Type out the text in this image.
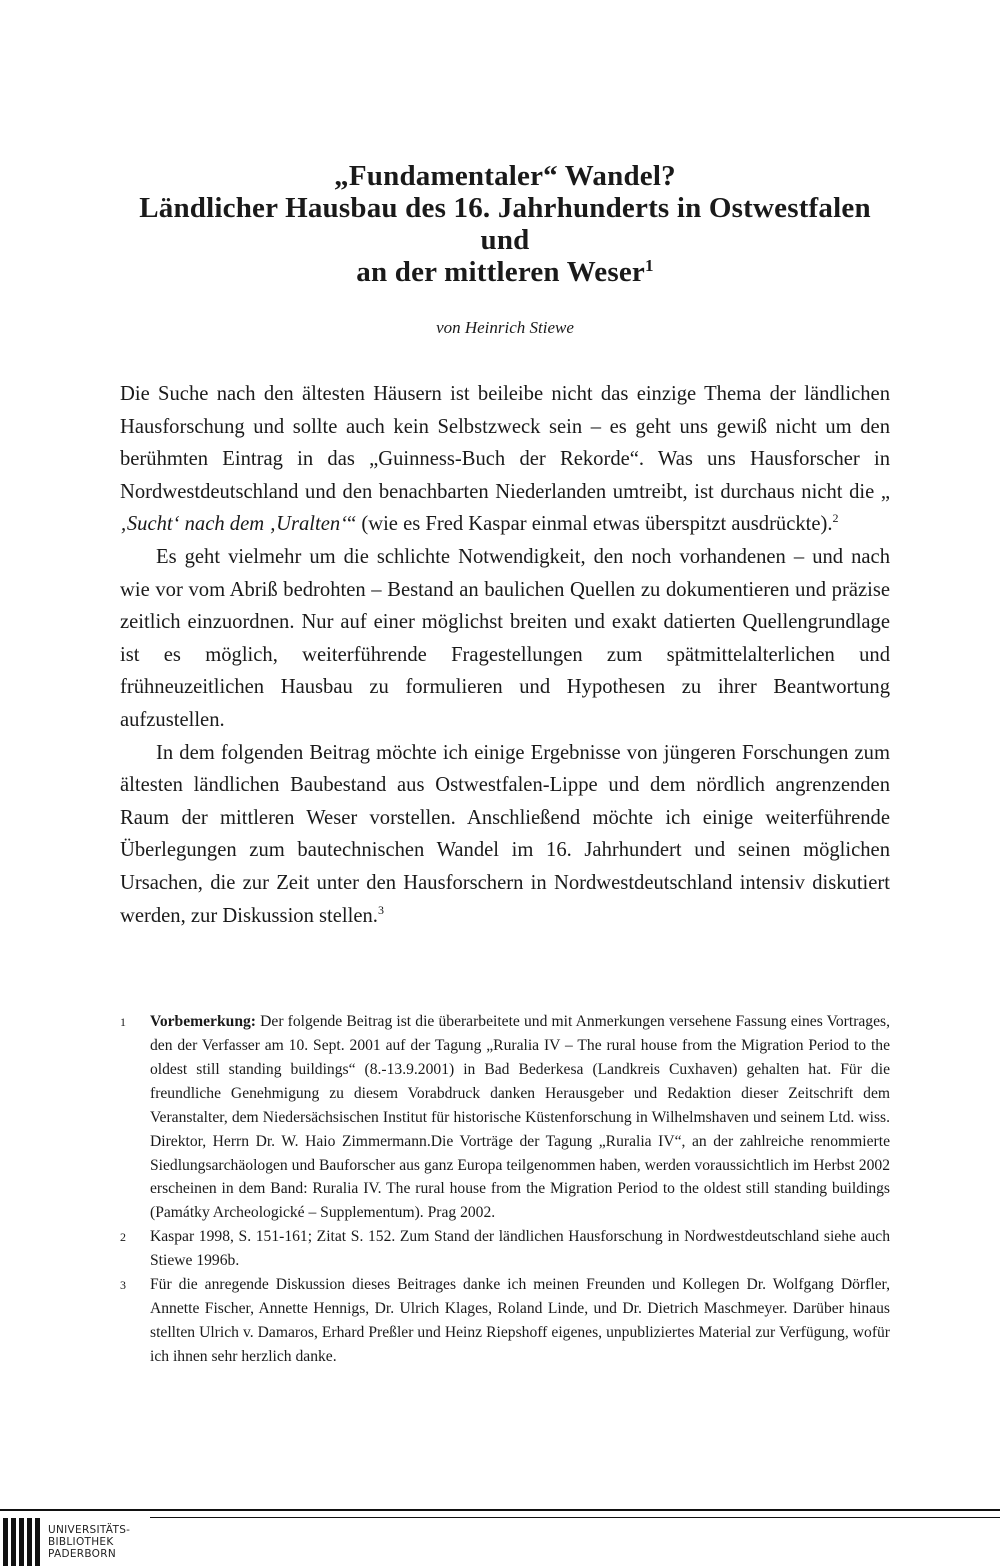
„Fundamentaler“ Wandel?
Ländlicher Hausbau des 16. Jahrhunderts in Ostwestfalen und
an der mittleren Weser$^1$
von Heinrich Stiewe

Die Suche nach den ältesten Häusern ist beileibe nicht das einzige Thema der ländlichen Hausforschung und sollte auch kein Selbstzweck sein – es geht uns gewiß nicht um den berühmten Eintrag in das „Guinness-Buch der Rekorde“. Was uns Hausforscher in Nordwestdeutschland und den benachbarten Niederlanden umtreibt, ist durchaus nicht die „ ‚Sucht‘ nach dem ‚Uralten‘“ (wie es Fred Kaspar einmal etwas überspitzt ausdrückte).$^2$

Es geht vielmehr um die schlichte Notwendigkeit, den noch vorhandenen – und nach wie vor vom Abriß bedrohten – Bestand an baulichen Quellen zu dokumentieren und präzise zeitlich einzuordnen. Nur auf einer möglichst breiten und exakt datierten Quellengrundlage ist es möglich, weiterführende Fragestellungen zum spätmittelalterlichen und frühneuzeitlichen Hausbau zu formulieren und Hypothesen zu ihrer Beantwortung aufzustellen.

In dem folgenden Beitrag möchte ich einige Ergebnisse von jüngeren Forschungen zum ältesten ländlichen Baubestand aus Ostwestfalen-Lippe und dem nördlich angrenzenden Raum der mittleren Weser vorstellen. Anschließend möchte ich einige weiterführende Überlegungen zum bautechnischen Wandel im 16. Jahrhundert und seinen möglichen Ursachen, die zur Zeit unter den Hausforschern in Nordwestdeutschland intensiv diskutiert werden, zur Diskussion stellen.$^3$

1	Vorbemerkung: Der folgende Beitrag ist die überarbeitete und mit Anmerkungen versehene Fassung eines Vortrages, den der Verfasser am 10. Sept. 2001 auf der Tagung „Ruralia IV – The rural house from the Migration Period to the oldest still standing buildings“ (8.-13.9.2001) in Bad Bederkesa (Landkreis Cuxhaven) gehalten hat. Für die freundliche Genehmigung zu diesem Vorabdruck danken Herausgeber und Redaktion dieser Zeitschrift dem Veranstalter, dem Niedersächsischen Institut für historische Küstenforschung in Wilhelmshaven und seinem Ltd. wiss. Direktor, Herrn Dr. W. Haio Zimmermann.Die Vorträge der Tagung „Ruralia IV“, an der zahlreiche renommierte Siedlungsarchäologen und Bauforscher aus ganz Europa teilgenommen haben, werden voraussichtlich im Herbst 2002 erscheinen in dem Band: Ruralia IV. The rural house from the Migration Period to the oldest still standing buildings (Památky Archeologické – Supplementum). Prag 2002.
2	Kaspar 1998, S. 151-161; Zitat S. 152. Zum Stand der ländlichen Hausforschung in Nordwestdeutschland siehe auch Stiewe 1996b.
3	Für die anregende Diskussion dieses Beitrages danke ich meinen Freunden und Kollegen Dr. Wolfgang Dörfler, Annette Fischer, Annette Hennigs, Dr. Ulrich Klages, Roland Linde, und Dr. Dietrich Maschmeyer. Darüber hinaus stellten Ulrich v. Damaros, Erhard Preßler und Heinz Riepshoff eigenes, unpubliziertes Material zur Verfügung, wofür ich ihnen sehr herzlich danke.
UNIVERSITÄTS-
BIBLIOTHEK
PADERBORN
